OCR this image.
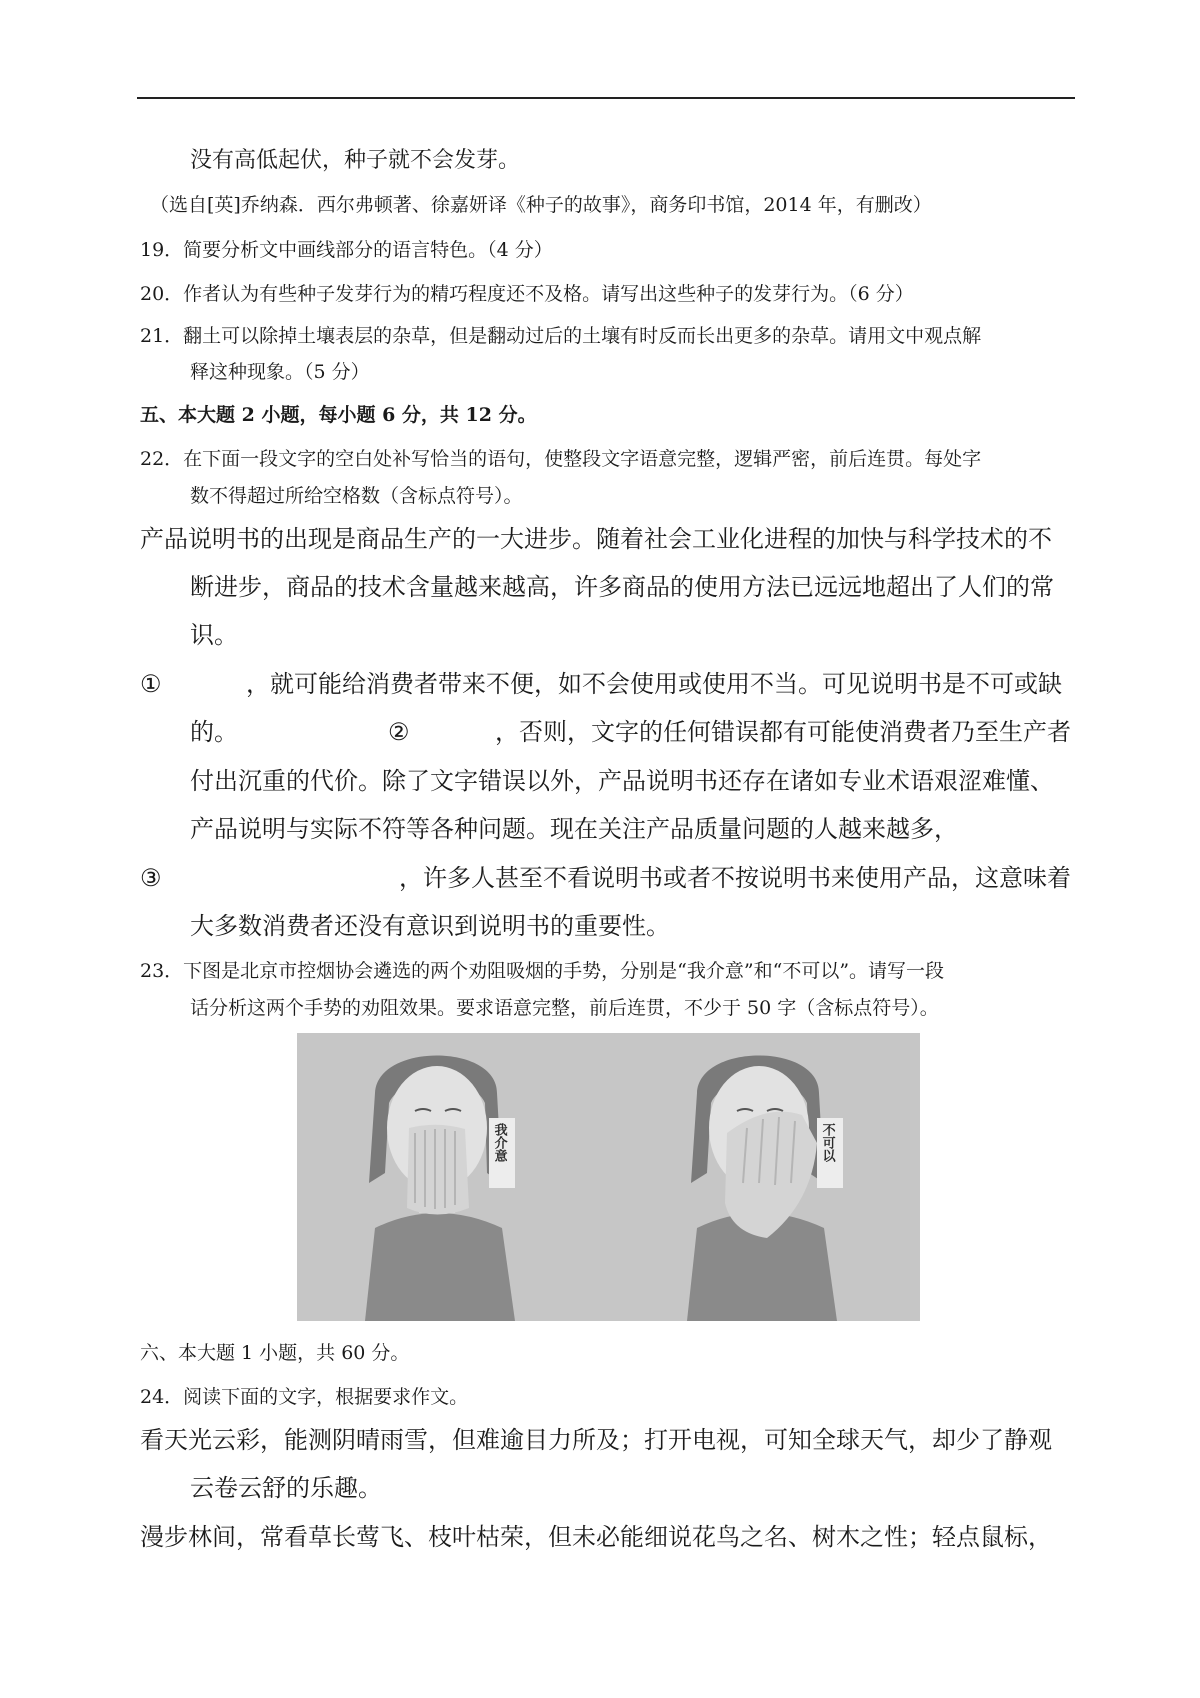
没有高低起伏，种子就不会发芽。
（选自[英]乔纳森．西尔弗顿著、徐嘉妍译《种子的故事》，商务印书馆，2014 年，有删改）
19．简要分析文中画线部分的语言特色。（4 分）
20．作者认为有些种子发芽行为的精巧程度还不及格。请写出这些种子的发芽行为。（6 分）
21．翻土可以除掉土壤表层的杂草，但是翻动过后的土壤有时反而长出更多的杂草。请用文中观点解
释这种现象。（5 分）
五、本大题 2 小题，每小题 6 分，共 12 分。
22．在下面一段文字的空白处补写恰当的语句，使整段文字语意完整，逻辑严密，前后连贯。每处字
数不得超过所给空格数（含标点符号）。
产品说明书的出现是商品生产的一大进步。随着社会工业化进程的加快与科学技术的不
断进步，商品的技术含量越来越高，许多商品的使用方法已远远地超出了人们的常
识。
①	，就可能给消费者带来不便，如不会使用或使用不当。可见说明书是不可或缺
的。	②	，否则，文字的任何错误都有可能使消费者乃至生产者
付出沉重的代价。除了文字错误以外，产品说明书还存在诸如专业术语艰涩难懂、
产品说明与实际不符等各种问题。现在关注产品质量问题的人越来越多，
③	，许多人甚至不看说明书或者不按说明书来使用产品，这意味着
大多数消费者还没有意识到说明书的重要性。
23．下图是北京市控烟协会遴选的两个劝阻吸烟的手势，分别是“我介意”和“不可以”。请写一段
话分析这两个手势的劝阻效果。要求语意完整，前后连贯，不少于 50 字（含标点符号）。
我介意	不可以
六、本大题 1 小题，共 60 分。
24．阅读下面的文字，根据要求作文。
看天光云彩，能测阴晴雨雪，但难逾目力所及；打开电视，可知全球天气，却少了静观
云卷云舒的乐趣。
漫步林间，常看草长莺飞、枝叶枯荣，但未必能细说花鸟之名、树木之性；轻点鼠标，
